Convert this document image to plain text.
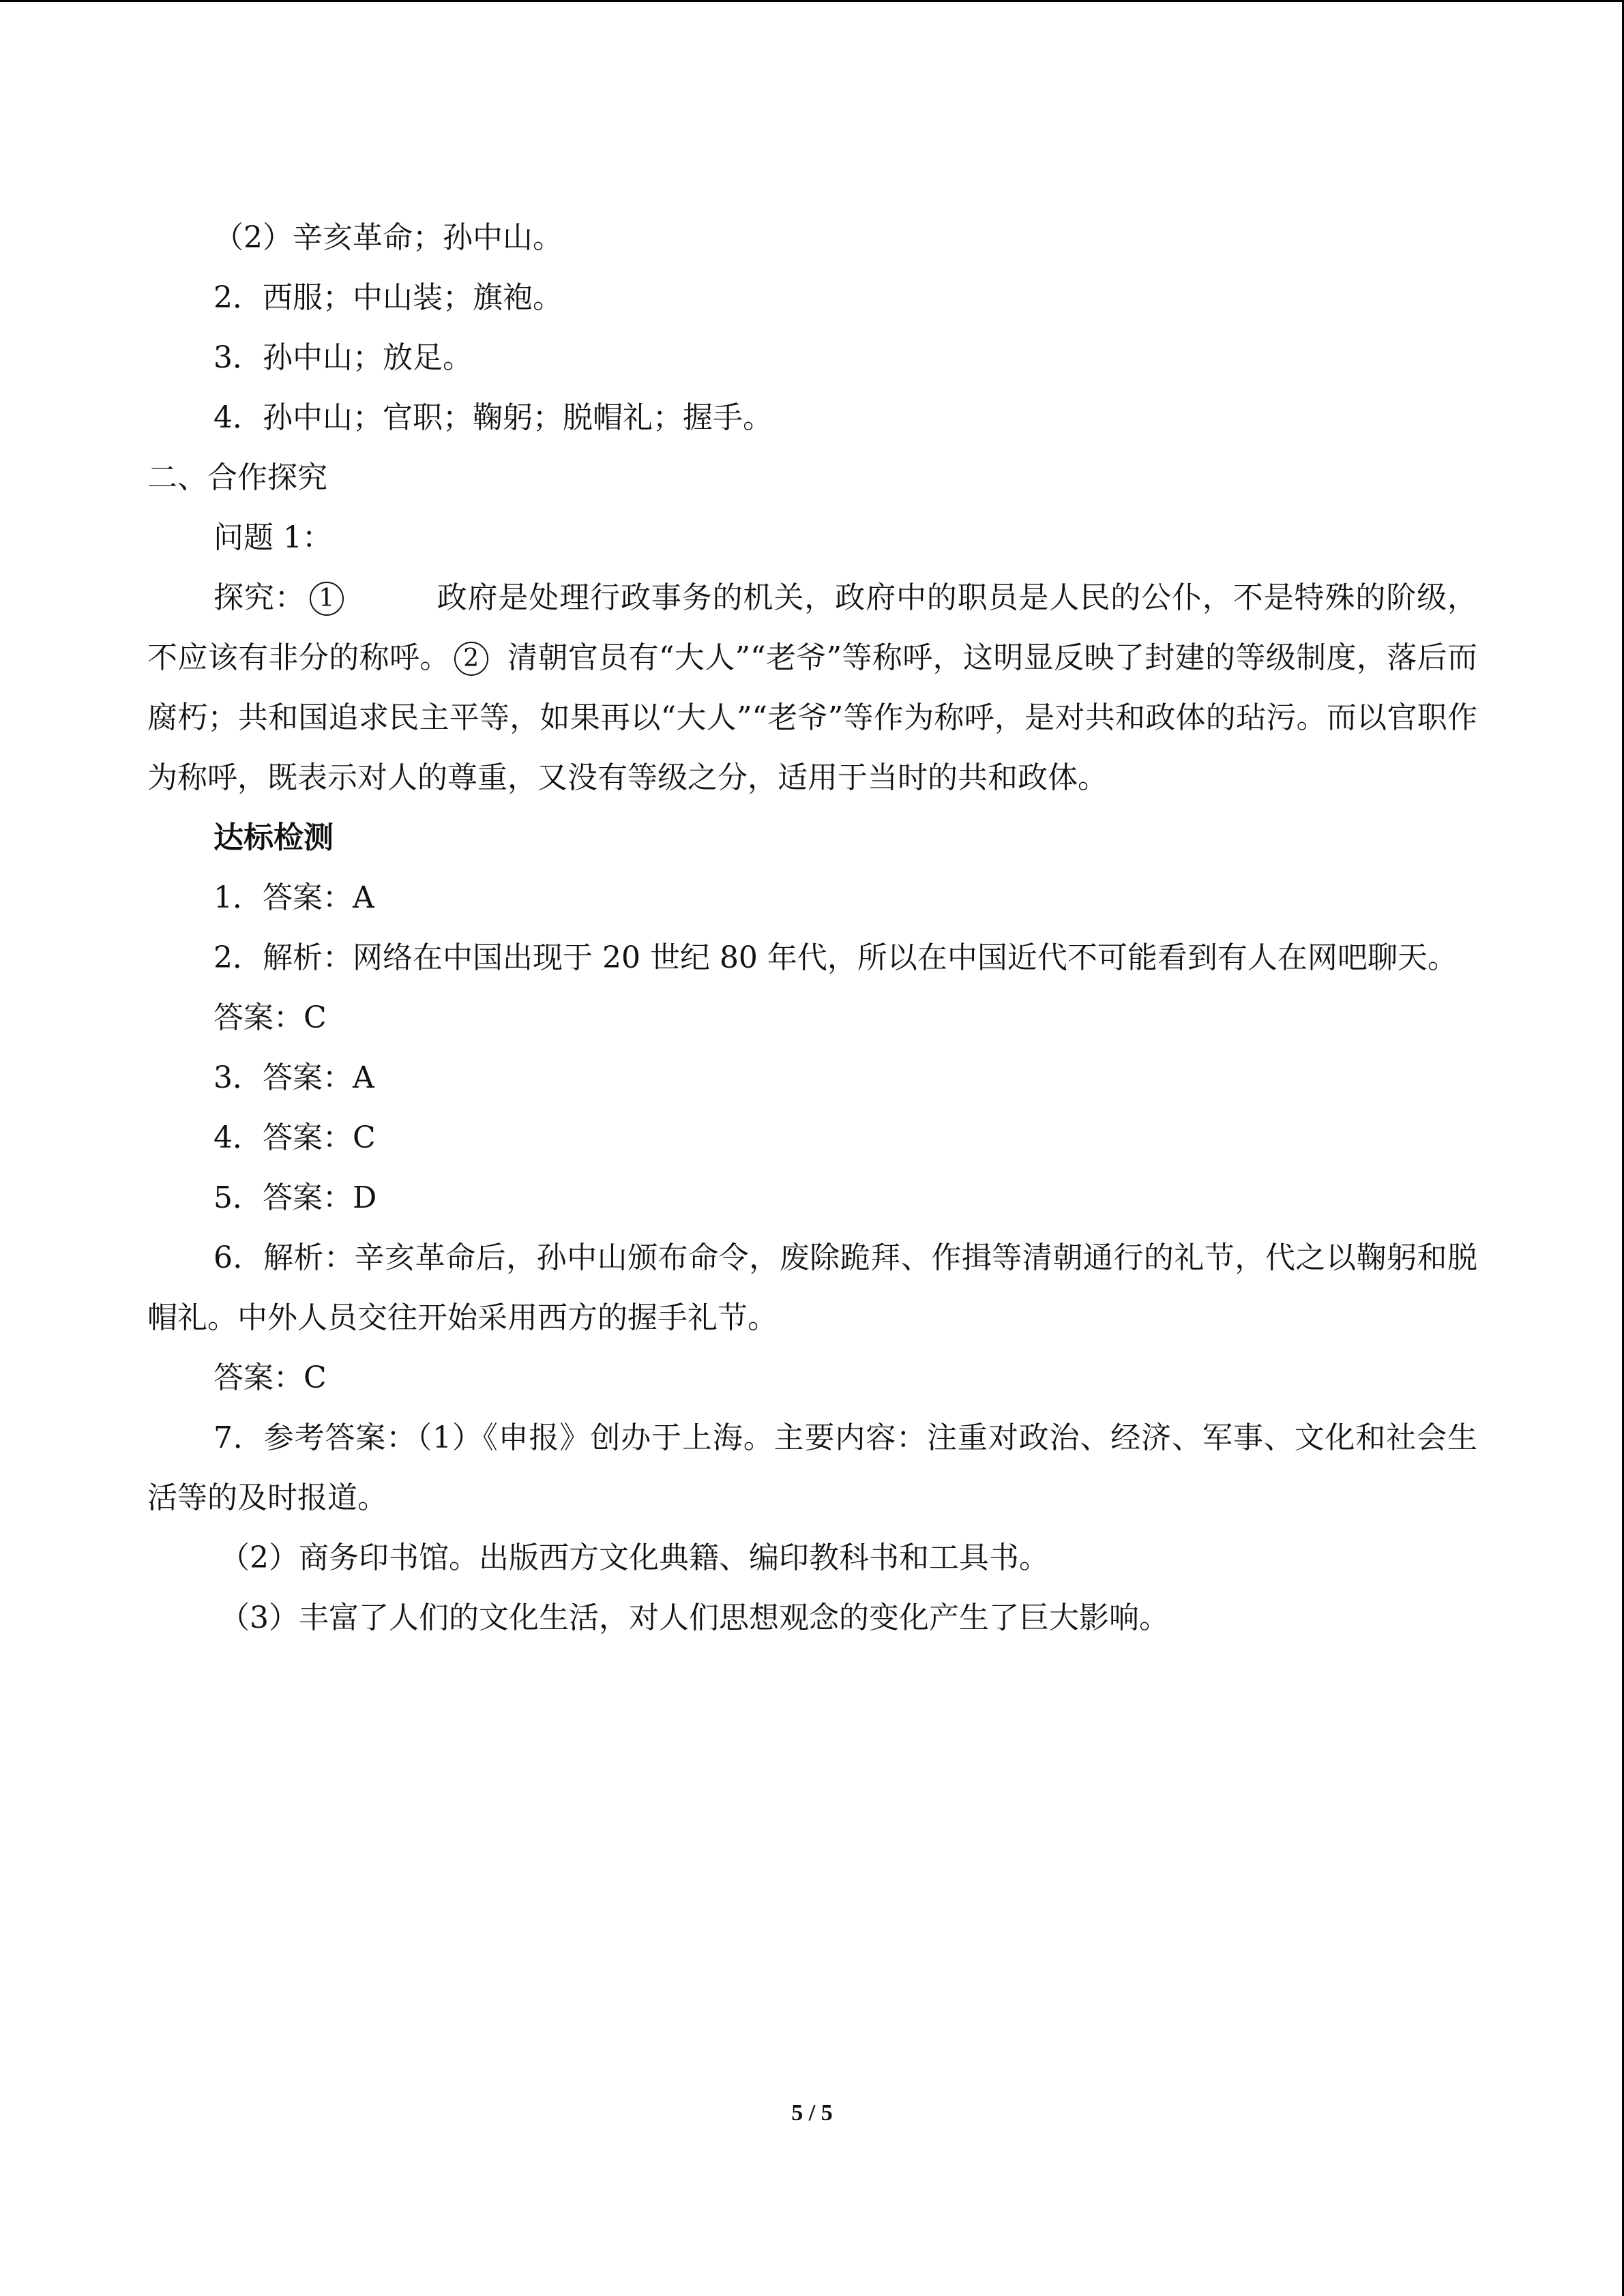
（2）辛亥革命；孙中山。

2．西服；中山装；旗袍。

3．孙中山；放足。

4．孙中山；官职；鞠躬；脱帽礼；握手。

二、合作探究

问题 1：

探究： 1	政府是处理行政事务的机关，政府中的职员是人民的公仆，不是特殊的阶级，不应该有非分的称呼。 2 清朝官员有“大人”“老爷”等称呼，这明显反映了封建的等级制度，落后而腐朽；共和国追求民主平等，如果再以“大人”“老爷”等作为称呼，是对共和政体的玷污。而以官职作为称呼，既表示对人的尊重，又没有等级之分，适用于当时的共和政体。

达标检测

1．答案：A

2．解析：网络在中国出现于 20 世纪 80 年代，所以在中国近代不可能看到有人在网吧聊天。

答案：C

3．答案：A

4．答案：C

5．答案：D

6．解析：辛亥革命后，孙中山颁布命令，废除跪拜、作揖等清朝通行的礼节，代之以鞠躬和脱帽礼。中外人员交往开始采用西方的握手礼节。

答案：C

7．参考答案：（1）《申报》创办于上海。主要内容：注重对政治、经济、军事、文化和社会生活等的及时报道。

（2）商务印书馆。出版西方文化典籍、编印教科书和工具书。

（3）丰富了人们的文化生活，对人们思想观念的变化产生了巨大影响。

5 / 5
